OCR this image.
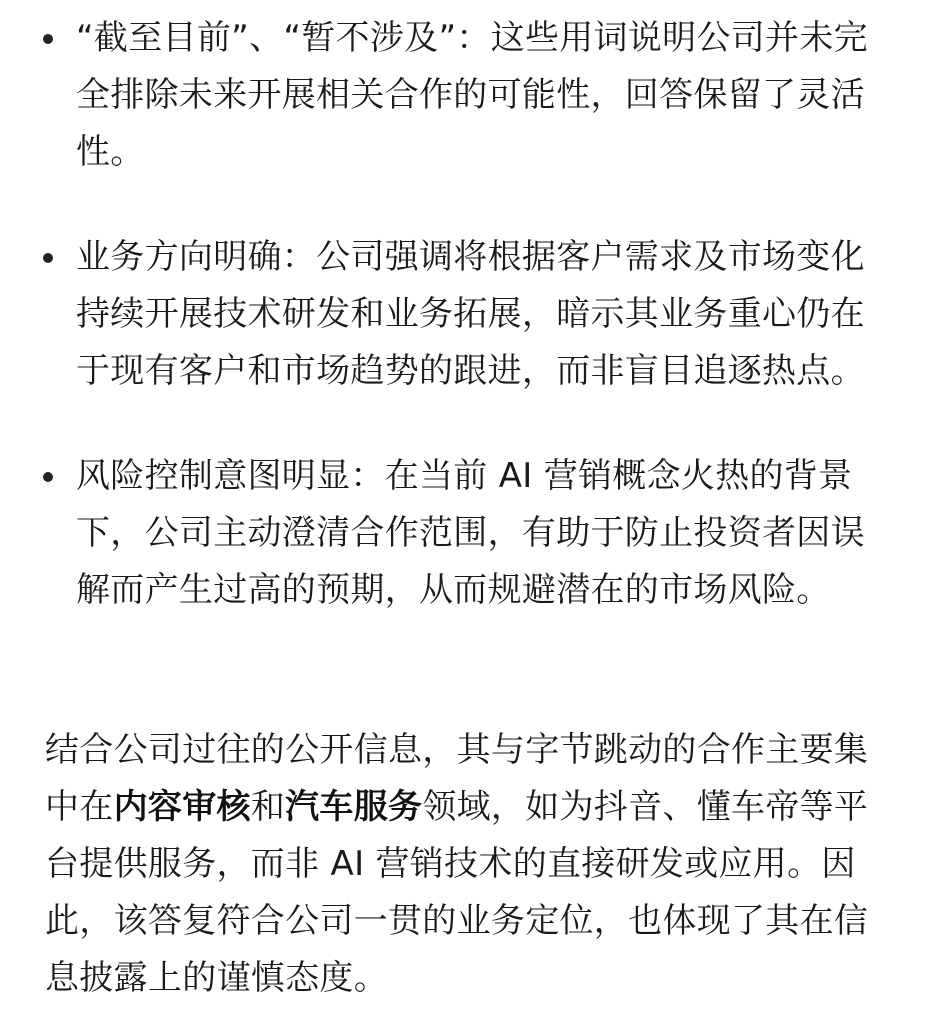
“截至目前”、“暂不涉及”：这些用词说明公司并未完全排除未来开展相关合作的可能性，回答保留了灵活性。
业务方向明确：公司强调将根据客户需求及市场变化持续开展技术研发和业务拓展，暗示其业务重心仍在于现有客户和市场趋势的跟进，而非盲目追逐热点。
风险控制意图明显：在当前 AI 营销概念火热的背景下，公司主动澄清合作范围，有助于防止投资者因误解而产生过高的预期，从而规避潜在的市场风险。

结合公司过往的公开信息，其与字节跳动的合作主要集中在内容审核和汽车服务领域，如为抖音、懂车帝等平台提供服务，而非 AI 营销技术的直接研发或应用。因此，该答复符合公司一贯的业务定位，也体现了其在信息披露上的谨慎态度。
